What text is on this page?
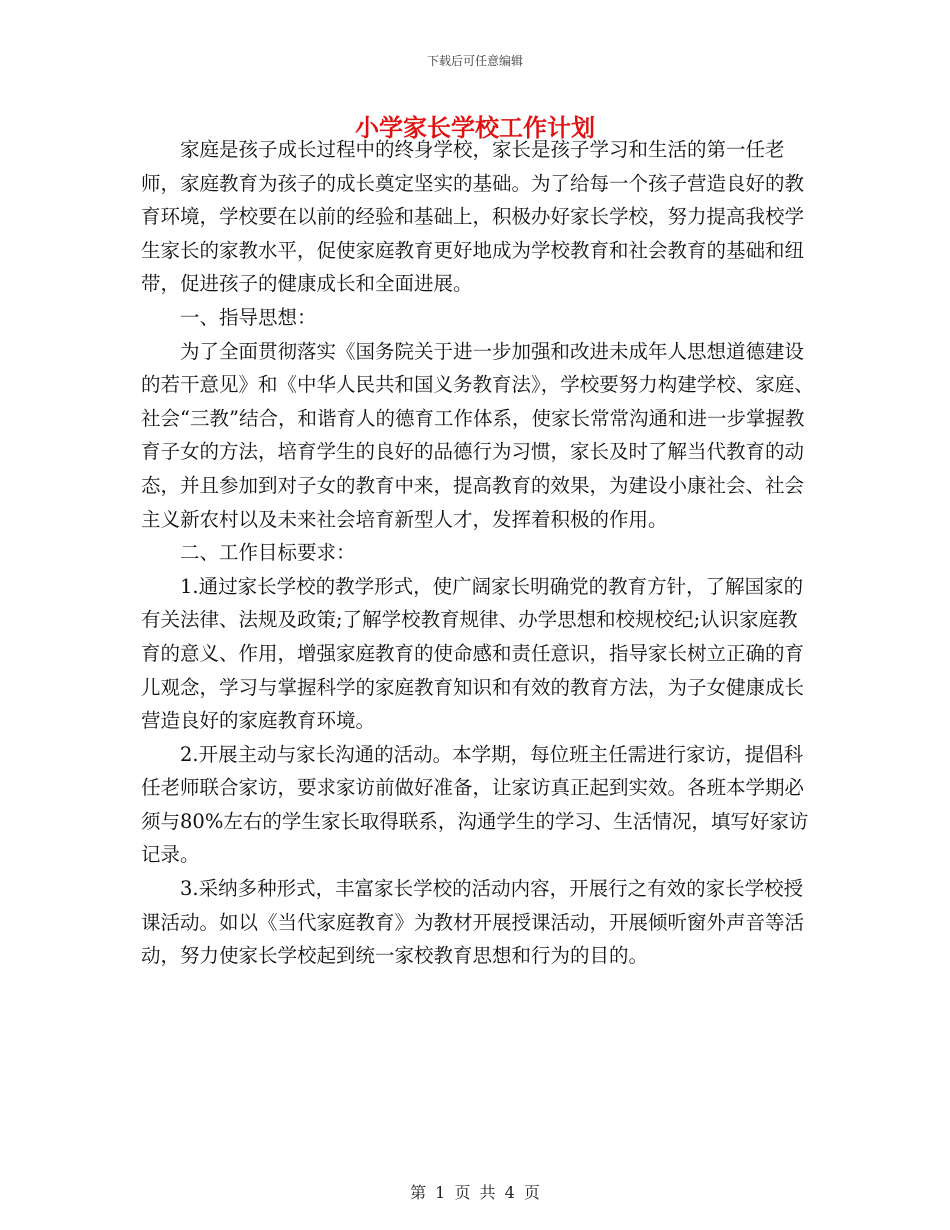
下载后可任意编辑
小学家长学校工作计划

家庭是孩子成长过程中的终身学校，家长是孩子学习和生活的第一任老师，家庭教育为孩子的成长奠定坚实的基础。为了给每一个孩子营造良好的教育环境，学校要在以前的经验和基础上，积极办好家长学校，努力提高我校学生家长的家教水平，促使家庭教育更好地成为学校教育和社会教育的基础和纽带，促进孩子的健康成长和全面进展。

一、指导思想：

为了全面贯彻落实《国务院关于进一步加强和改进未成年人思想道德建设的若干意见》和《中华人民共和国义务教育法》，学校要努力构建学校、家庭、社会“三教”结合，和谐育人的德育工作体系，使家长常常沟通和进一步掌握教育子女的方法，培育学生的良好的品德行为习惯，家长及时了解当代教育的动态，并且参加到对子女的教育中来，提高教育的效果，为建设小康社会、社会主义新农村以及未来社会培育新型人才，发挥着积极的作用。

二、工作目标要求：

1.通过家长学校的教学形式，使广阔家长明确党的教育方针，了解国家的有关法律、法规及政策;了解学校教育规律、办学思想和校规校纪;认识家庭教育的意义、作用，增强家庭教育的使命感和责任意识，指导家长树立正确的育儿观念，学习与掌握科学的家庭教育知识和有效的教育方法，为子女健康成长营造良好的家庭教育环境。

2.开展主动与家长沟通的活动。本学期，每位班主任需进行家访，提倡科任老师联合家访，要求家访前做好准备，让家访真正起到实效。各班本学期必须与80%左右的学生家长取得联系，沟通学生的学习、生活情况，填写好家访记录。

3.采纳多种形式，丰富家长学校的活动内容，开展行之有效的家长学校授课活动。如以《当代家庭教育》为教材开展授课活动，开展倾听窗外声音等活动，努力使家长学校起到统一家校教育思想和行为的目的。

第 1 页 共 4 页
